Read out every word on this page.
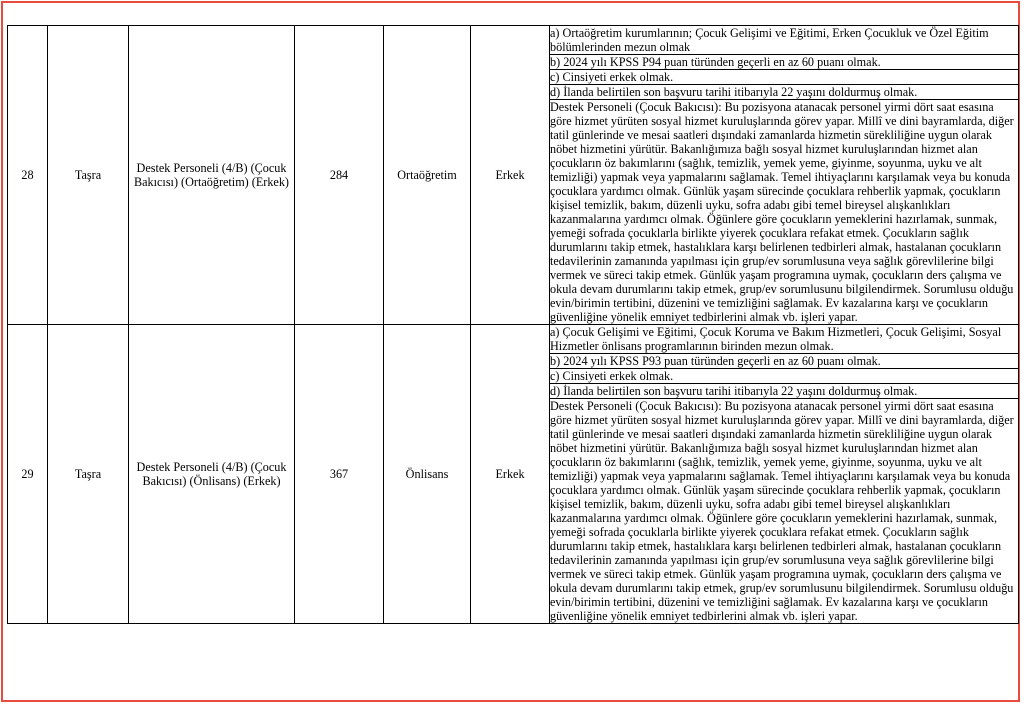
28	Taşra	Destek Personeli (4/B) (Çocuk Bakıcısı) (Ortaöğretim) (Erkek)	284	Ortaöğretim	Erkek	a) Ortaöğretim kurumlarının; Çocuk Gelişimi ve Eğitimi, Erken Çocukluk ve Özel Eğitim bölümlerinden mezun olmak
						b) 2024 yılı KPSS P94 puan türünden geçerli en az 60 puanı olmak.
						c) Cinsiyeti erkek olmak.
						d) İlanda belirtilen son başvuru tarihi itibarıyla 22 yaşını doldurmuş olmak.
						Destek Personeli (Çocuk Bakıcısı): Bu pozisyona atanacak personel yirmi dört saat esasına göre hizmet yürüten sosyal hizmet kuruluşlarında görev yapar. Millî ve dini bayramlarda, diğer tatil günlerinde ve mesai saatleri dışındaki zamanlarda hizmetin sürekliliğine uygun olarak nöbet hizmetini yürütür. Bakanlığımıza bağlı sosyal hizmet kuruluşlarından hizmet alan çocukların öz bakımlarını (sağlık, temizlik, yemek yeme, giyinme, soyunma, uyku ve alt temizliği) yapmak veya yapmalarını sağlamak. Temel ihtiyaçlarını karşılamak veya bu konuda çocuklara yardımcı olmak. Günlük yaşam sürecinde çocuklara rehberlik yapmak, çocukların kişisel temizlik, bakım, düzenli uyku, sofra adabı gibi temel bireysel alışkanlıkları kazanmalarına yardımcı olmak. Öğünlere göre çocukların yemeklerini hazırlamak, sunmak, yemeği sofrada çocuklarla birlikte yiyerek çocuklara refakat etmek. Çocukların sağlık durumlarını takip etmek, hastalıklara karşı belirlenen tedbirleri almak, hastalanan çocukların tedavilerinin zamanında yapılması için grup/ev sorumlusuna veya sağlık görevlilerine bilgi vermek ve süreci takip etmek. Günlük yaşam programına uymak, çocukların ders çalışma ve okula devam durumlarını takip etmek, grup/ev sorumlusunu bilgilendirmek. Sorumlusu olduğu evin/birimin tertibini, düzenini ve temizliğini sağlamak. Ev kazalarına karşı ve çocukların güvenliğine yönelik emniyet tedbirlerini almak vb. işleri yapar.
29	Taşra	Destek Personeli (4/B) (Çocuk Bakıcısı) (Önlisans) (Erkek)	367	Önlisans	Erkek	a) Çocuk Gelişimi ve Eğitimi, Çocuk Koruma ve Bakım Hizmetleri, Çocuk Gelişimi, Sosyal Hizmetler önlisans programlarının birinden mezun olmak.
						b) 2024 yılı KPSS P93 puan türünden geçerli en az 60 puanı olmak.
						c) Cinsiyeti erkek olmak.
						d) İlanda belirtilen son başvuru tarihi itibarıyla 22 yaşını doldurmuş olmak.
						Destek Personeli (Çocuk Bakıcısı): Bu pozisyona atanacak personel yirmi dört saat esasına göre hizmet yürüten sosyal hizmet kuruluşlarında görev yapar. Millî ve dini bayramlarda, diğer tatil günlerinde ve mesai saatleri dışındaki zamanlarda hizmetin sürekliliğine uygun olarak nöbet hizmetini yürütür. Bakanlığımıza bağlı sosyal hizmet kuruluşlarından hizmet alan çocukların öz bakımlarını (sağlık, temizlik, yemek yeme, giyinme, soyunma, uyku ve alt temizliği) yapmak veya yapmalarını sağlamak. Temel ihtiyaçlarını karşılamak veya bu konuda çocuklara yardımcı olmak. Günlük yaşam sürecinde çocuklara rehberlik yapmak, çocukların kişisel temizlik, bakım, düzenli uyku, sofra adabı gibi temel bireysel alışkanlıkları kazanmalarına yardımcı olmak. Öğünlere göre çocukların yemeklerini hazırlamak, sunmak, yemeği sofrada çocuklarla birlikte yiyerek çocuklara refakat etmek. Çocukların sağlık durumlarını takip etmek, hastalıklara karşı belirlenen tedbirleri almak, hastalanan çocukların tedavilerinin zamanında yapılması için grup/ev sorumlusuna veya sağlık görevlilerine bilgi vermek ve süreci takip etmek. Günlük yaşam programına uymak, çocukların ders çalışma ve okula devam durumlarını takip etmek, grup/ev sorumlusunu bilgilendirmek. Sorumlusu olduğu evin/birimin tertibini, düzenini ve temizliğini sağlamak. Ev kazalarına karşı ve çocukların güvenliğine yönelik emniyet tedbirlerini almak vb. işleri yapar.
